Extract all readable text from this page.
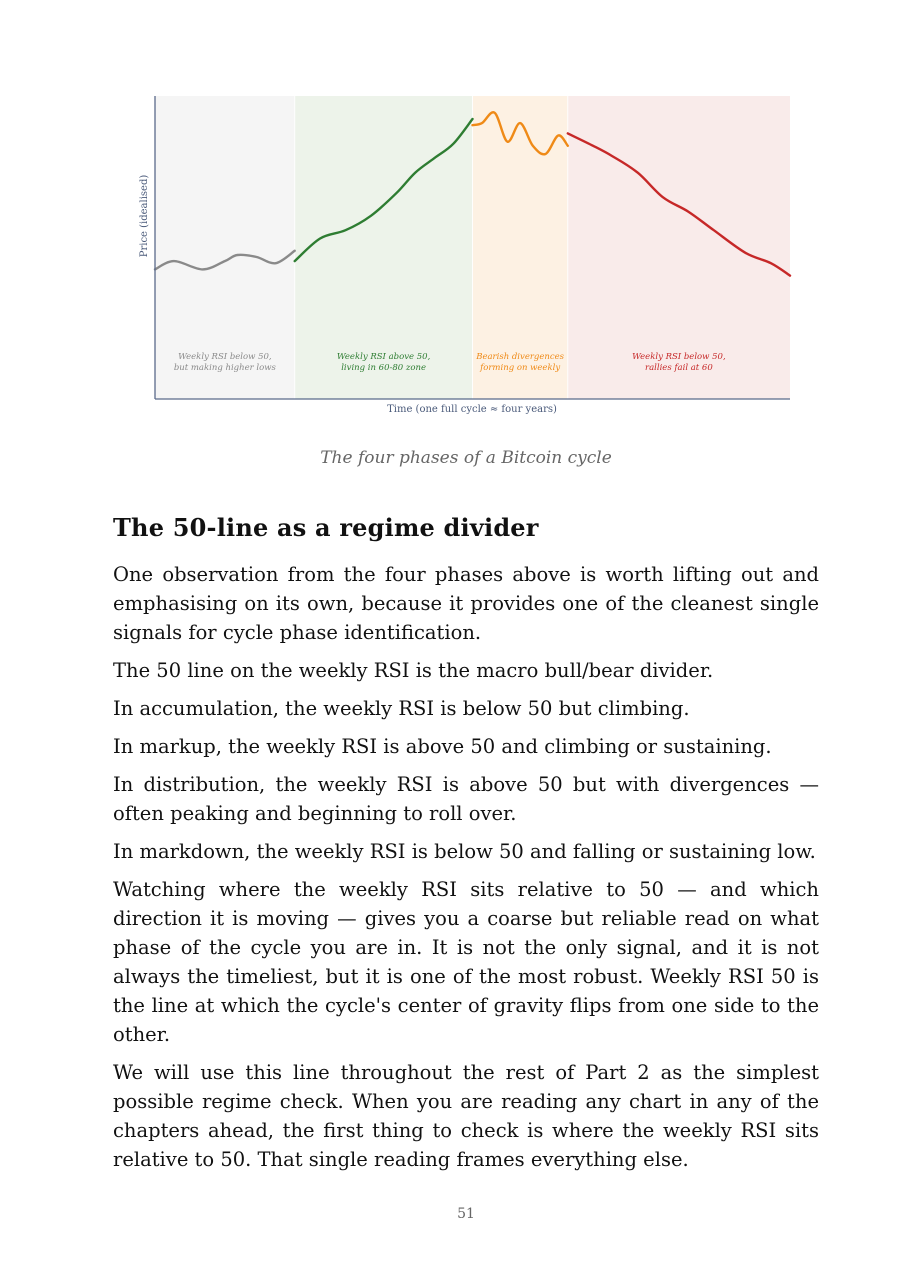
Weekly RSI below 50,
but making higher lows
Weekly RSI above 50,
living in 60-80 zone
Bearish divergences
forming on weekly
Weekly RSI below 50,
rallies fail at 60
Price (idealised)
Time (one full cycle ≈ four years)
The four phases of a Bitcoin cycle
The 50-line as a regime divider

One observation from the four phases above is worth lifting out and emphasising on its own, because it provides one of the cleanest single signals for cycle phase identification.

The 50 line on the weekly RSI is the macro bull/bear divider.

In accumulation, the weekly RSI is below 50 but climbing.

In markup, the weekly RSI is above 50 and climbing or sustaining.

In distribution, the weekly RSI is above 50 but with divergences — often peaking and beginning to roll over.

In markdown, the weekly RSI is below 50 and falling or sustaining low.

Watching where the weekly RSI sits relative to 50 — and which direction it is moving — gives you a coarse but reliable read on what phase of the cycle you are in. It is not the only signal, and it is not always the timeliest, but it is one of the most robust. Weekly RSI 50 is the line at which the cycle's center of gravity flips from one side to the other.

We will use this line throughout the rest of Part 2 as the simplest possible regime check. When you are reading any chart in any of the chapters ahead, the first thing to check is where the weekly RSI sits relative to 50. That single reading frames everything else.

51
